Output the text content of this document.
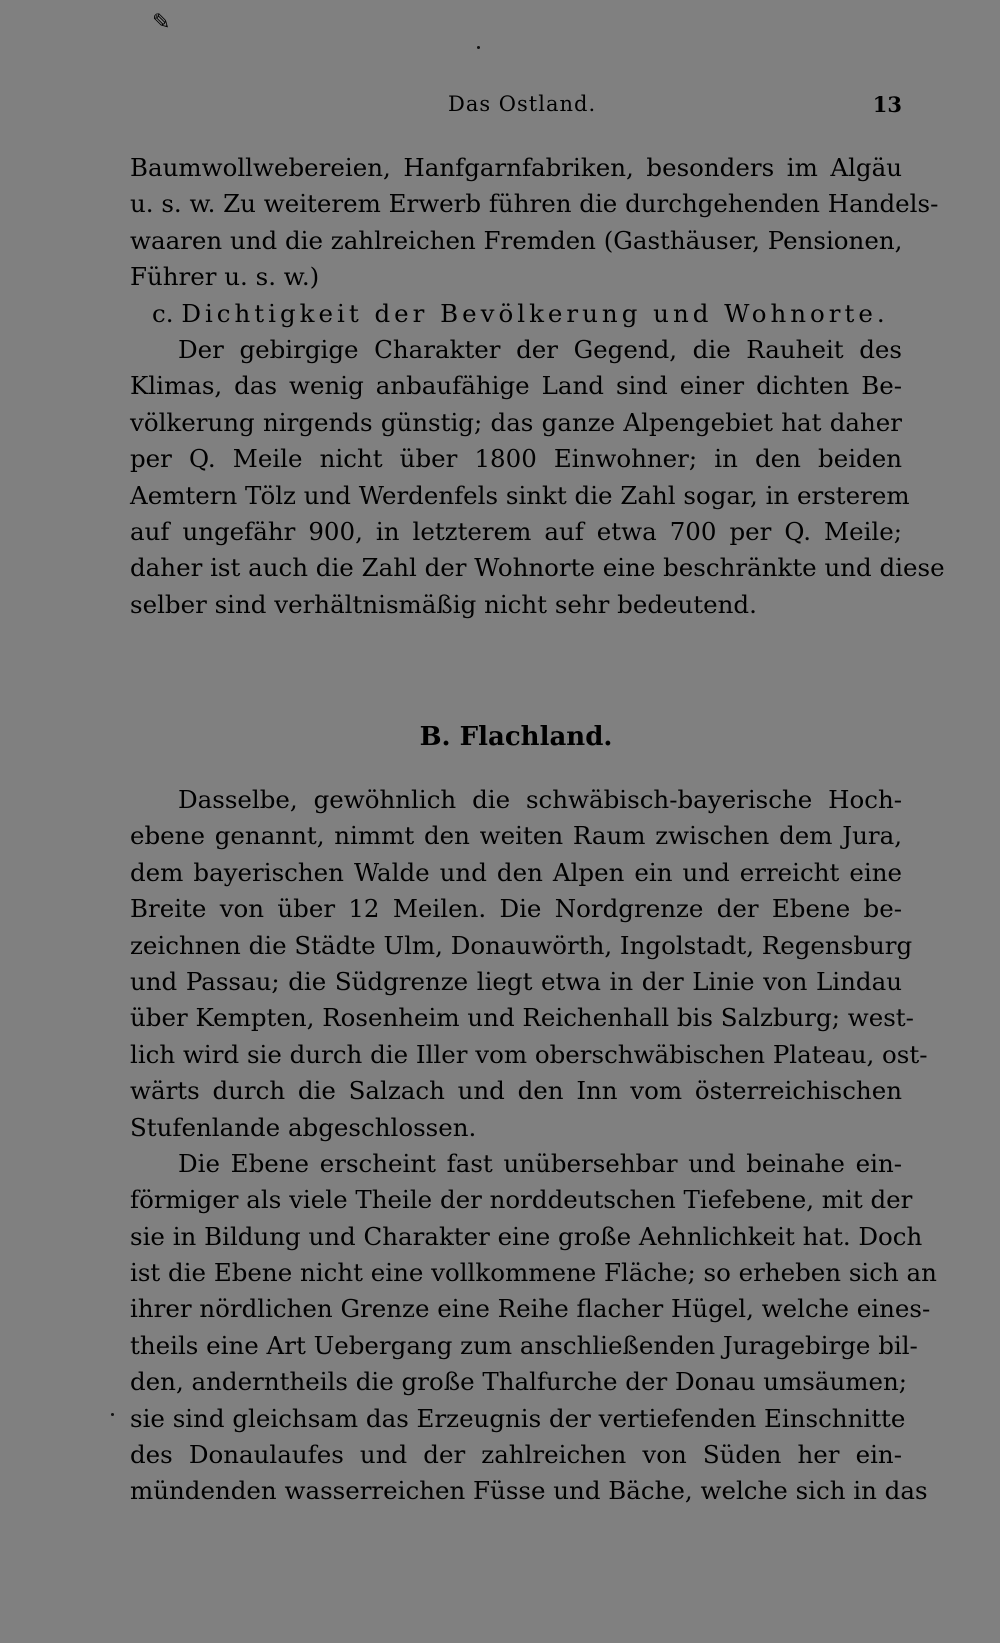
✎
Das Ostland.	13
Baumwollwebereien, Hanfgarnfabriken, besonders im Algäu
u. s. w. Zu weiterem Erwerb führen die durchgehenden Handels-
waaren und die zahlreichen Fremden (Gasthäuser, Pensionen,
Führer u. s. w.)
c. Dichtigkeit der Bevölkerung und Wohnorte.
Der gebirgige Charakter der Gegend, die Rauheit des
Klimas, das wenig anbaufähige Land sind einer dichten Be-
völkerung nirgends günstig; das ganze Alpengebiet hat daher
per Q. Meile nicht über 1800 Einwohner; in den beiden
Aemtern Tölz und Werdenfels sinkt die Zahl sogar, in ersterem
auf ungefähr 900, in letzterem auf etwa 700 per Q. Meile;
daher ist auch die Zahl der Wohnorte eine beschränkte und diese
selber sind verhältnismäßig nicht sehr bedeutend.
B. Flachland.
Dasselbe, gewöhnlich die schwäbisch-bayerische Hoch-
ebene genannt, nimmt den weiten Raum zwischen dem Jura,
dem bayerischen Walde und den Alpen ein und erreicht eine
Breite von über 12 Meilen. Die Nordgrenze der Ebene be-
zeichnen die Städte Ulm, Donauwörth, Ingolstadt, Regensburg
und Passau; die Südgrenze liegt etwa in der Linie von Lindau
über Kempten, Rosenheim und Reichenhall bis Salzburg; west-
lich wird sie durch die Iller vom oberschwäbischen Plateau, ost-
wärts durch die Salzach und den Inn vom österreichischen
Stufenlande abgeschlossen.
Die Ebene erscheint fast unübersehbar und beinahe ein-
förmiger als viele Theile der norddeutschen Tiefebene, mit der
sie in Bildung und Charakter eine große Aehnlichkeit hat. Doch
ist die Ebene nicht eine vollkommene Fläche; so erheben sich an
ihrer nördlichen Grenze eine Reihe flacher Hügel, welche eines-
theils eine Art Uebergang zum anschließenden Juragebirge bil-
den, anderntheils die große Thalfurche der Donau umsäumen;
sie sind gleichsam das Erzeugnis der vertiefenden Einschnitte
des Donaulaufes und der zahlreichen von Süden her ein-
mündenden wasserreichen Füsse und Bäche, welche sich in das
